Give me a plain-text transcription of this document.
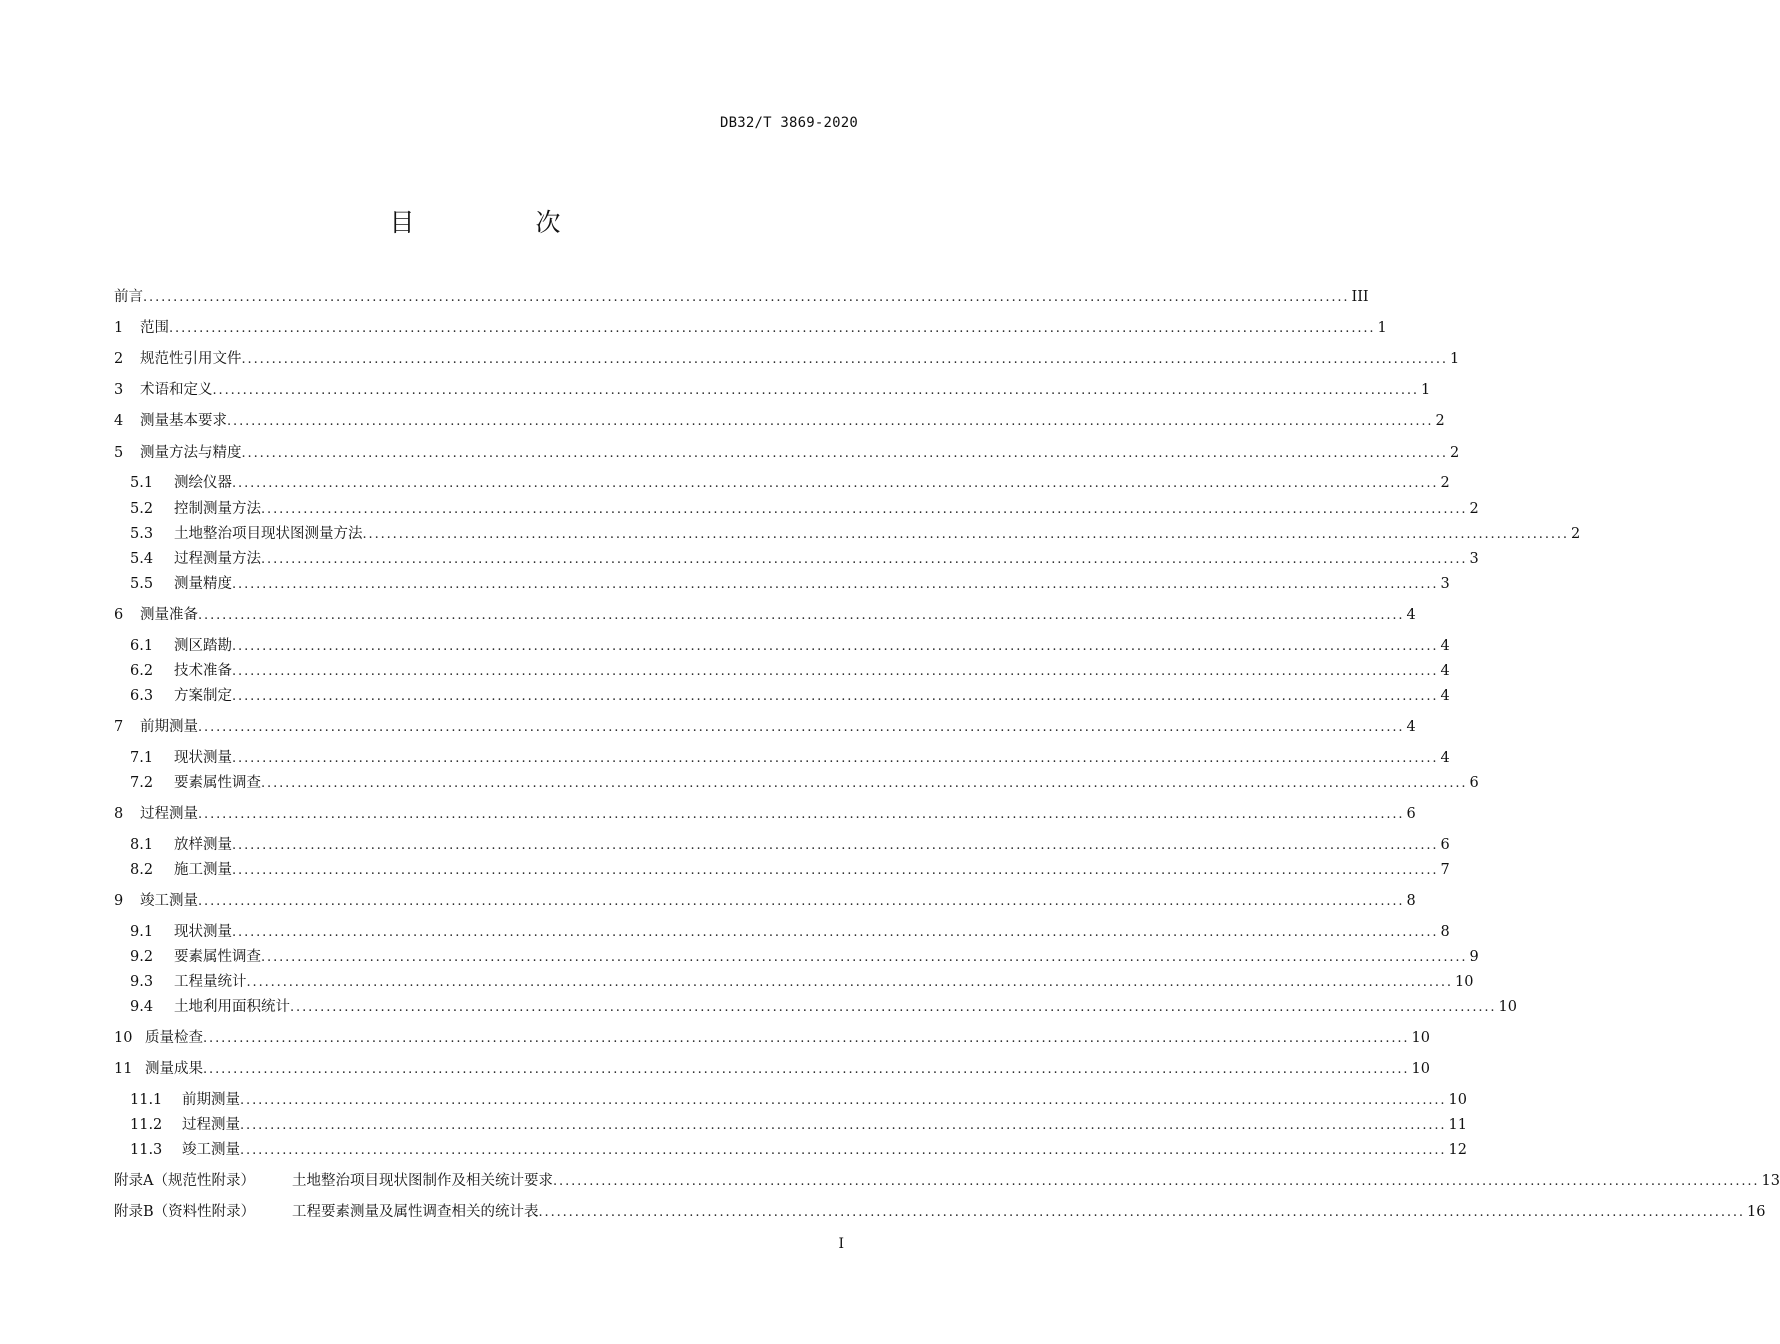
DB32/T 3869-2020
目　次
前言 ........................................................................................................................................................................................................ III
1	范围 ........................................................................................................................................................................................................ 1
2	规范性引用文件 ........................................................................................................................................................................................................ 1
3	术语和定义 ........................................................................................................................................................................................................ 1
4	测量基本要求 ........................................................................................................................................................................................................ 2
5	测量方法与精度 ........................................................................................................................................................................................................ 2
5.1	测绘仪器 ........................................................................................................................................................................................................ 2
5.2	控制测量方法 ........................................................................................................................................................................................................ 2
5.3	土地整治项目现状图测量方法 ........................................................................................................................................................................................................ 2
5.4	过程测量方法 ........................................................................................................................................................................................................ 3
5.5	测量精度 ........................................................................................................................................................................................................ 3
6	测量准备 ........................................................................................................................................................................................................ 4
6.1	测区踏勘 ........................................................................................................................................................................................................ 4
6.2	技术准备 ........................................................................................................................................................................................................ 4
6.3	方案制定 ........................................................................................................................................................................................................ 4
7	前期测量 ........................................................................................................................................................................................................ 4
7.1	现状测量 ........................................................................................................................................................................................................ 4
7.2	要素属性调查 ........................................................................................................................................................................................................ 6
8	过程测量 ........................................................................................................................................................................................................ 6
8.1	放样测量 ........................................................................................................................................................................................................ 6
8.2	施工测量 ........................................................................................................................................................................................................ 7
9	竣工测量 ........................................................................................................................................................................................................ 8
9.1	现状测量 ........................................................................................................................................................................................................ 8
9.2	要素属性调查 ........................................................................................................................................................................................................ 9
9.3	工程量统计 ........................................................................................................................................................................................................ 10
9.4	土地利用面积统计 ........................................................................................................................................................................................................ 10
10 质量检查 ........................................................................................................................................................................................................ 10
11 测量成果 ........................................................................................................................................................................................................ 10
11.1	前期测量 ........................................................................................................................................................................................................ 10
11.2	过程测量 ........................................................................................................................................................................................................ 11
11.3	竣工测量 ........................................................................................................................................................................................................ 12
附录A（规范性附录）	土地整治项目现状图制作及相关统计要求 ........................................................................................................................................................................................................ 13
附录B（资料性附录）	工程要素测量及属性调查相关的统计表 ........................................................................................................................................................................................................ 16
I
